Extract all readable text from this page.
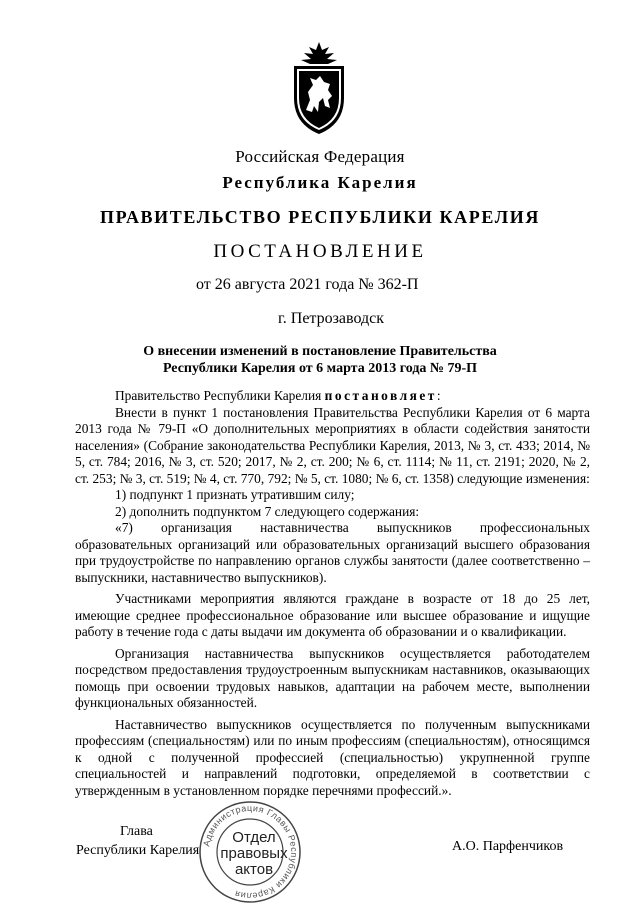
Российская Федерация
Республика Карелия
ПРАВИТЕЛЬСТВО РЕСПУБЛИКИ КАРЕЛИЯ
ПОСТАНОВЛЕНИЕ
от 26 августа 2021 года № 362-П
г. Петрозаводск
О внесении изменений в постановление Правительства
Республики Карелия от 6 марта 2013 года № 79-П

Правительство Республики Карелия постановляет:

Внести в пункт 1 постановления Правительства Республики Карелия от 6 марта 2013 года № 79-П «О дополнительных мероприятиях в области содействия занятости населения» (Собрание законодательства Республики Карелия, 2013, № 3, ст. 433; 2014, № 5, ст. 784; 2016, № 3, ст. 520; 2017, № 2, ст. 200; № 6, ст. 1114; № 11, ст. 2191; 2020, № 2, ст. 253; № 3, ст. 519; № 4, ст. 770, 792; № 5, ст. 1080; № 6, ст. 1358) следующие изменения:

1) подпункт 1 признать утратившим силу;

2) дополнить подпунктом 7 следующего содержания:

«7) организация наставничества выпускников профессиональных образовательных организаций или образовательных организаций высшего образования при трудоустройстве по направлению органов службы занятости (далее соответственно – выпускники, наставничество выпускников).

Участниками мероприятия являются граждане в возрасте от 18 до 25 лет, имеющие среднее профессиональное образование или высшее образование и ищущие работу в течение года с даты выдачи им документа об образовании и о квалификации.

Организация наставничества выпускников осуществляется работодателем посредством предоставления трудоустроенным выпускникам наставников, оказывающих помощь при освоении трудовых навыков, адаптации на рабочем месте, выполнении функциональных обязанностей.

Наставничество выпускников осуществляется по полученным выпускниками профессиям (специальностям) или по иным профессиям (специальностям), относящимся к одной с полученной профессией (специальностью) укрупненной группе специальностей и направлений подготовки, определяемой в соответствии с утвержденным в установленном порядке перечнями профессий.».

Администрация Главы Республики Карелия
Отдел
правовых
актов
Глава
Республики Карелия	А.О. Парфенчиков
